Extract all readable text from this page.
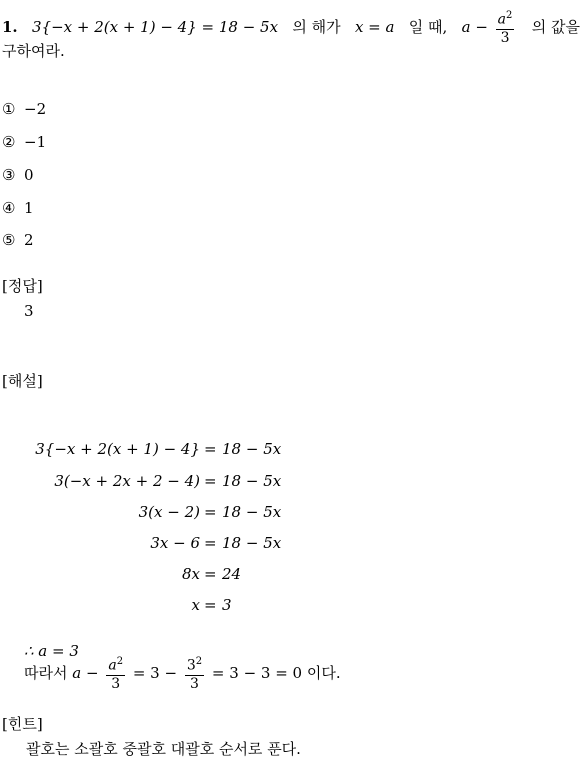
1. 3{−x + 2(x + 1) − 4} = 18 − 5x 의 해가 x = a 일 때, $a - \frac{a^2}{3}$ 의 값을
구하여라.
① −2
② −1
③ 0
④ 1
⑤ 2
[정답]
3
[해설]
3{−x + 2(x + 1) − 4} = 18 − 5x
3(−x + 2x + 2 − 4) = 18 − 5x
3(x − 2) = 18 − 5x
3x − 6 = 18 − 5x
8x = 24
x = 3
∴ a = 3
따라서 $a - \frac{a^2}{3} = 3 - \frac{3^2}{3} = 3 - 3 = 0$ 이다.
[힌트]
괄호는 소괄호 중괄호 대괄호 순서로 푼다.
